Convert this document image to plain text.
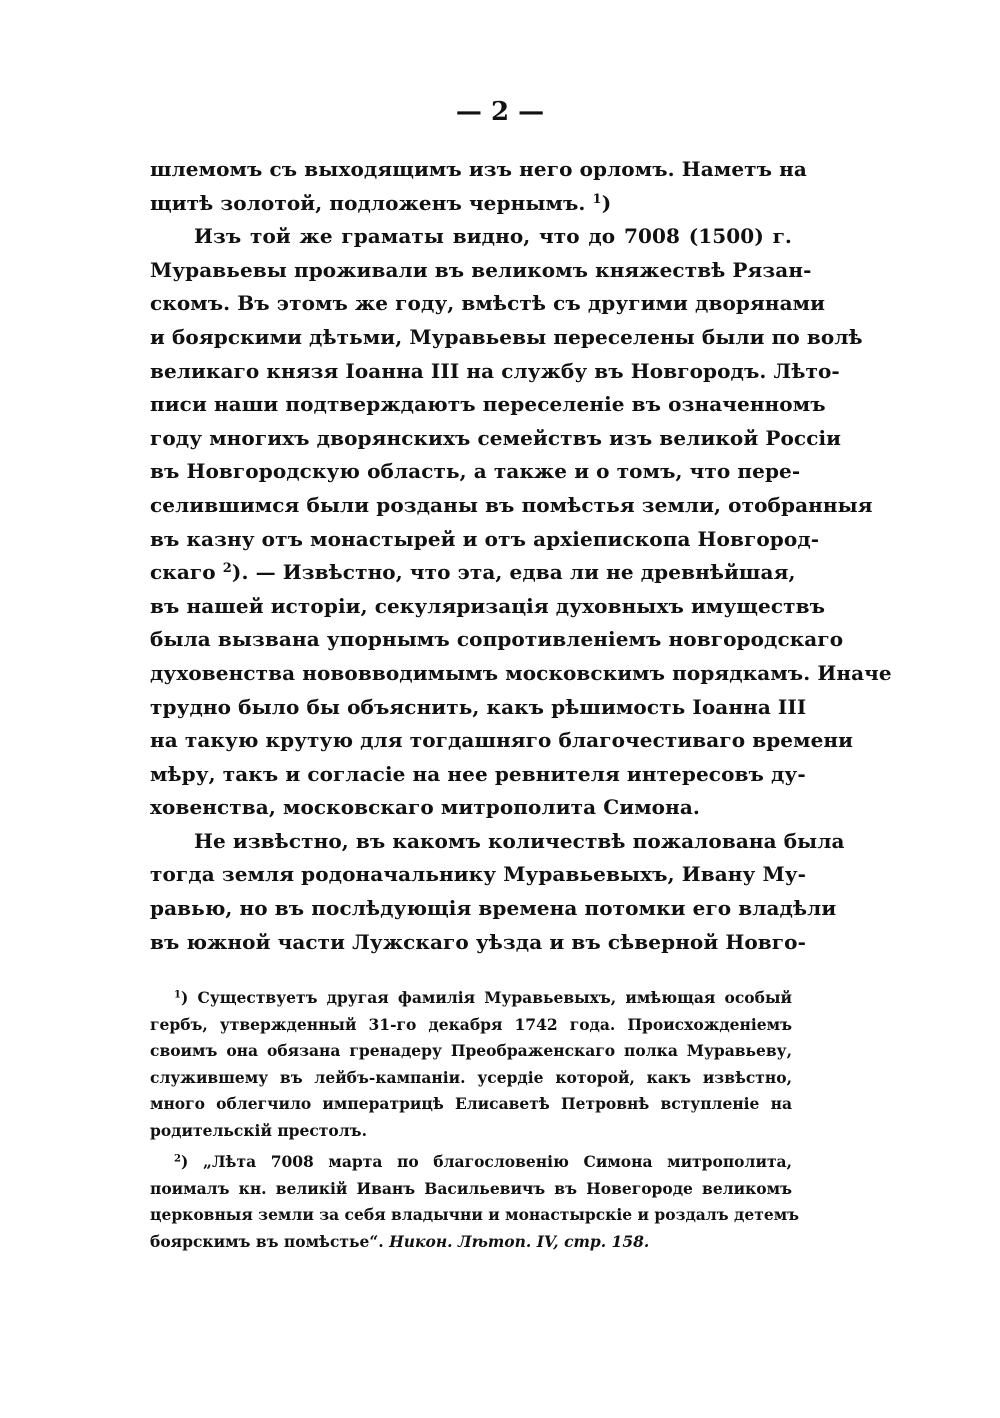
— 2 —
шлемомъ съ выходящимъ изъ него орломъ. Наметъ на
щитѣ золотой, подложенъ чернымъ. $^1$)
Изъ той же граматы видно, что до 7008 (1500) г.
Муравьевы проживали въ великомъ княжествѣ Рязан-
скомъ. Въ этомъ же году, вмѣстѣ съ другими дворянами
и боярскими дѣтьми, Муравьевы переселены были по волѣ
великаго князя Іоанна III на службу въ Новгородъ. Лѣто-
писи наши подтверждаютъ переселеніе въ означенномъ
году многихъ дворянскихъ семействъ изъ великой Россіи
въ Новгородскую область, а также и о томъ, что пере-
селившимся были розданы въ помѣстья земли, отобранныя
въ казну отъ монастырей и отъ архіепископа Новгород-
скаго $^2$). — Извѣстно, что эта, едва ли не древнѣйшая,
въ нашей исторіи, секуляризація духовныхъ имуществъ
была вызвана упорнымъ сопротивленіемъ новгородскаго
духовенства нововводимымъ московскимъ порядкамъ. Иначе
трудно было бы объяснить, какъ рѣшимость Іоанна III
на такую крутую для тогдашняго благочестиваго времени
мѣру, такъ и согласіе на нее ревнителя интересовъ ду-
ховенства, московскаго митрополита Симона.
Не извѣстно, въ какомъ количествѣ пожалована была
тогда земля родоначальнику Муравьевыхъ, Ивану Му-
равью, но въ послѣдующія времена потомки его владѣли
въ южной части Лужскаго уѣзда и въ сѣверной Новго-
$^1$) Существуетъ другая фамилія Муравьевыхъ, имѣющая особый
гербъ, утвержденный 31-го декабря 1742 года. Происхожденіемъ
своимъ она обязана гренадеру Преображенскаго полка Муравьеву,
служившему въ лейбъ-кампаніи. усердіе которой, какъ извѣстно,
много облегчило императрицѣ Елисаветѣ Петровнѣ вступленіе на
родительскій престолъ.
$^2$) „Лѣта 7008 марта по благословенію Симона митрополита,
поималъ кн. великій Иванъ Васильевичъ въ Новегороде великомъ
церковныя земли за себя владычни и монастырскіе и роздалъ детемъ
боярскимъ въ помѣстье“. Никон. Лѣтоп. IV, стр. 158.
